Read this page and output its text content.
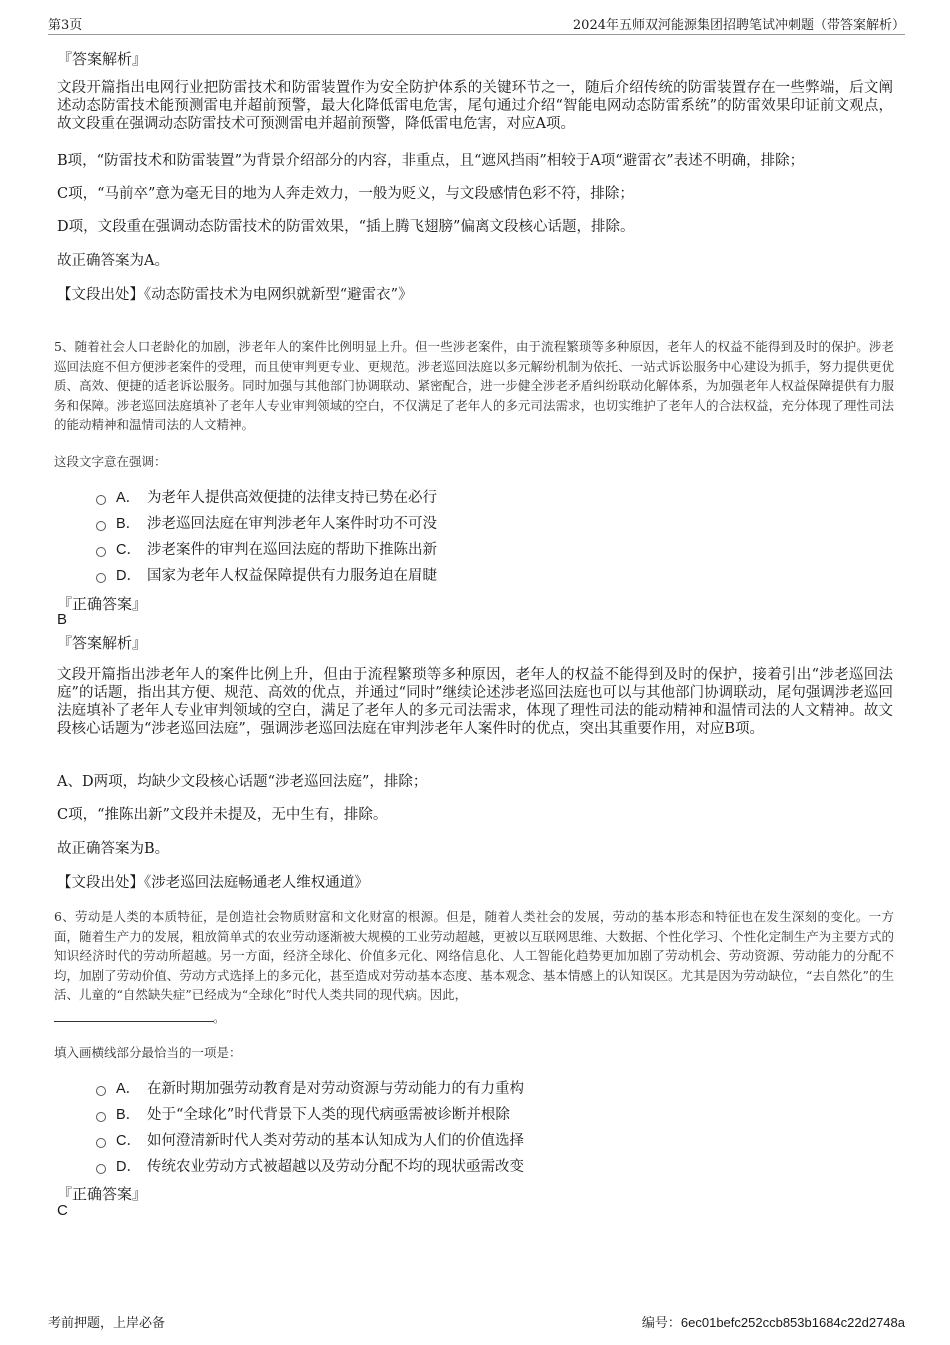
第3页	2024年五师双河能源集团招聘笔试冲刺题（带答案解析）
『答案解析』
文段开篇指出电网行业把防雷技术和防雷装置作为安全防护体系的关键环节之一，随后介绍传统的防雷装置存在一些弊端，后文阐述动态防雷技术能预测雷电并超前预警，最大化降低雷电危害，尾句通过介绍“智能电网动态防雷系统”的防雷效果印证前文观点，故文段重在强调动态防雷技术可预测雷电并超前预警，降低雷电危害，对应A项。
B项，“防雷技术和防雷装置”为背景介绍部分的内容，非重点，且“遮风挡雨”相较于A项“避雷衣”表述不明确，排除；
C项，“马前卒”意为毫无目的地为人奔走效力，一般为贬义，与文段感情色彩不符，排除；
D项，文段重在强调动态防雷技术的防雷效果，“插上腾飞翅膀”偏离文段核心话题，排除。
故正确答案为A。
【文段出处】《动态防雷技术为电网织就新型“避雷衣”》
5、随着社会人口老龄化的加剧，涉老年人的案件比例明显上升。但一些涉老案件，由于流程繁琐等多种原因，老年人的权益不能得到及时的保护。涉老巡回法庭不但方便涉老案件的受理，而且使审判更专业、更规范。涉老巡回法庭以多元解纷机制为依托、一站式诉讼服务中心建设为抓手，努力提供更优质、高效、便捷的适老诉讼服务。同时加强与其他部门协调联动、紧密配合，进一步健全涉老矛盾纠纷联动化解体系，为加强老年人权益保障提供有力服务和保障。涉老巡回法庭填补了老年人专业审判领域的空白，不仅满足了老年人的多元司法需求，也切实维护了老年人的合法权益，充分体现了理性司法的能动精神和温情司法的人文精神。
这段文字意在强调：
A． 为老年人提供高效便捷的法律支持已势在必行
B． 涉老巡回法庭在审判涉老年人案件时功不可没
C． 涉老案件的审判在巡回法庭的帮助下推陈出新
D． 国家为老年人权益保障提供有力服务迫在眉睫
『正确答案』
B
『答案解析』
文段开篇指出涉老年人的案件比例上升，但由于流程繁琐等多种原因，老年人的权益不能得到及时的保护，接着引出“涉老巡回法庭”的话题，指出其方便、规范、高效的优点，并通过“同时”继续论述涉老巡回法庭也可以与其他部门协调联动，尾句强调涉老巡回法庭填补了老年人专业审判领域的空白，满足了老年人的多元司法需求，体现了理性司法的能动精神和温情司法的人文精神。故文段核心话题为“涉老巡回法庭”，强调涉老巡回法庭在审判涉老年人案件时的优点，突出其重要作用，对应B项。
A、D两项，均缺少文段核心话题“涉老巡回法庭”，排除；
C项，“推陈出新”文段并未提及，无中生有，排除。
故正确答案为B。
【文段出处】《涉老巡回法庭畅通老人维权通道》
6、劳动是人类的本质特征，是创造社会物质财富和文化财富的根源。但是，随着人类社会的发展，劳动的基本形态和特征也在发生深刻的变化。一方面，随着生产力的发展，粗放简单式的农业劳动逐渐被大规模的工业劳动超越，更被以互联网思维、大数据、个性化学习、个性化定制生产为主要方式的知识经济时代的劳动所超越。另一方面，经济全球化、价值多元化、网络信息化、人工智能化趋势更加加剧了劳动机会、劳动资源、劳动能力的分配不均，加剧了劳动价值、劳动方式选择上的多元化，甚至造成对劳动基本态度、基本观念、基本情感上的认知误区。尤其是因为劳动缺位，“去自然化”的生活、儿童的“自然缺失症”已经成为“全球化”时代人类共同的现代病。因此，
。
填入画横线部分最恰当的一项是：
A． 在新时期加强劳动教育是对劳动资源与劳动能力的有力重构
B． 处于“全球化”时代背景下人类的现代病亟需被诊断并根除
C． 如何澄清新时代人类对劳动的基本认知成为人们的价值选择
D． 传统农业劳动方式被超越以及劳动分配不均的现状亟需改变
『正确答案』
C
考前押题，上岸必备	编号：6ec01befc252ccb853b1684c22d2748a
